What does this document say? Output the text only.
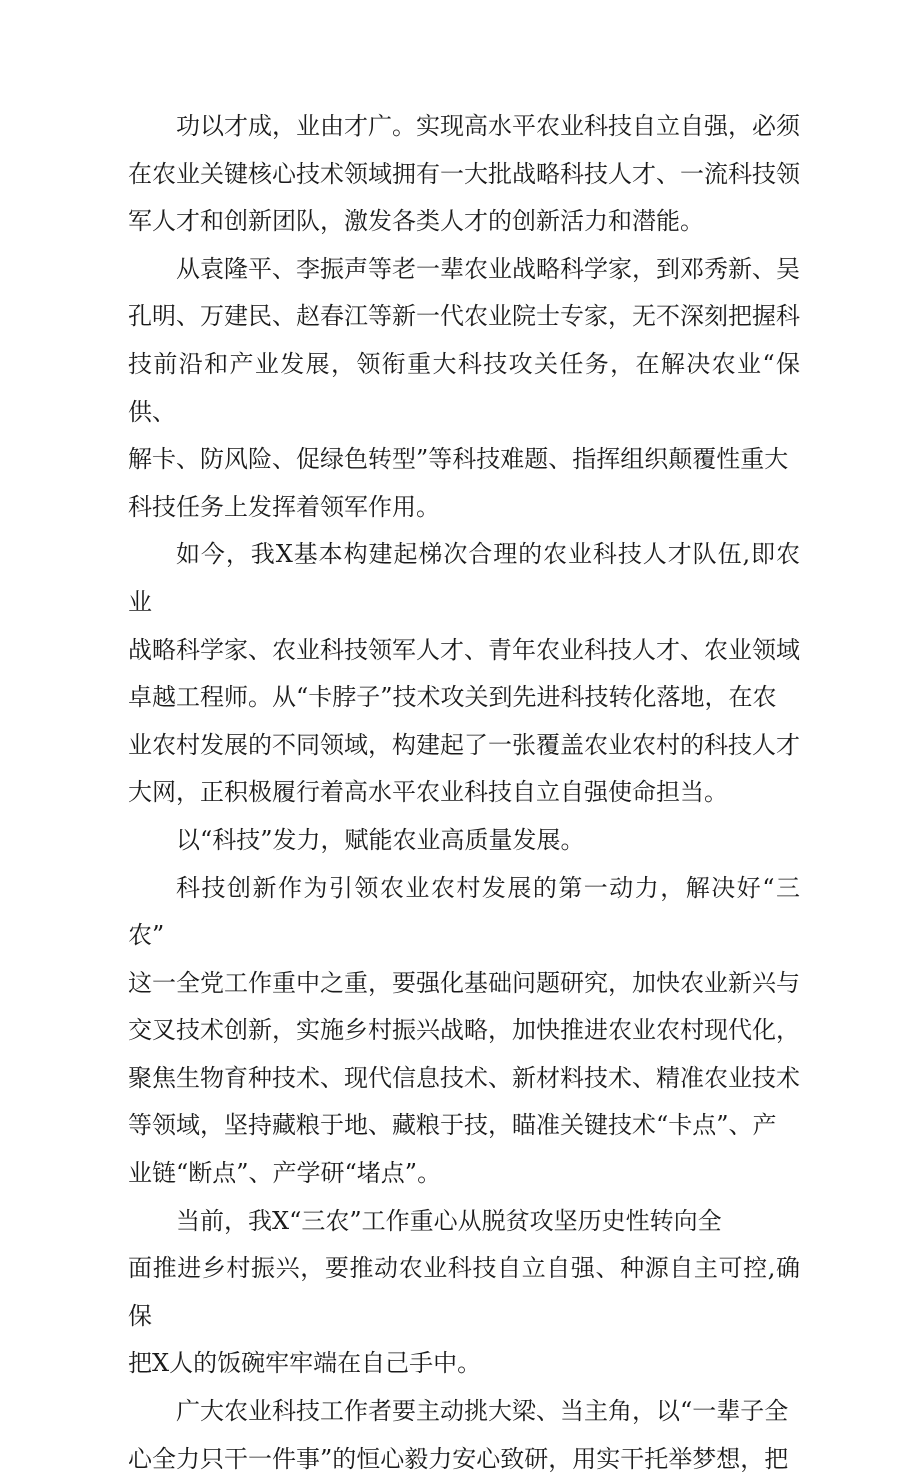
功以才成，业由才广。实现高水平农业科技自立自强，必须
在农业关键核心技术领域拥有一大批战略科技人才、一流科技领
军人才和创新团队，激发各类人才的创新活力和潜能。

从袁隆平、李振声等老一辈农业战略科学家，到邓秀新、吴
孔明、万建民、赵春江等新一代农业院士专家，无不深刻把握科
技前沿和产业发展，领衔重大科技攻关任务，在解决农业“保供、
解卡、防风险、促绿色转型”等科技难题、指挥组织颠覆性重大
科技任务上发挥着领军作用。

如今，我X基本构建起梯次合理的农业科技人才队伍,即农业
战略科学家、农业科技领军人才、青年农业科技人才、农业领域
卓越工程师。从“卡脖子”技术攻关到先进科技转化落地，在农
业农村发展的不同领域，构建起了一张覆盖农业农村的科技人才
大网，正积极履行着高水平农业科技自立自强使命担当。

以“科技”发力，赋能农业高质量发展。

科技创新作为引领农业农村发展的第一动力，解决好“三农”
这一全党工作重中之重，要强化基础问题研究，加快农业新兴与
交叉技术创新，实施乡村振兴战略，加快推进农业农村现代化，
聚焦生物育种技术、现代信息技术、新材料技术、精准农业技术
等领域，坚持藏粮于地、藏粮于技，瞄准关键技术“卡点”、产
业链“断点”、产学研“堵点”。

当前，我X“三农”工作重心从脱贫攻坚历史性转向全
面推进乡村振兴，要推动农业科技自立自强、种源自主可控,确保
把X人的饭碗牢牢端在自己手中。

广大农业科技工作者要主动挑大梁、当主角，以“一辈子全
心全力只干一件事”的恒心毅力安心致研，用实干托举梦想，把
